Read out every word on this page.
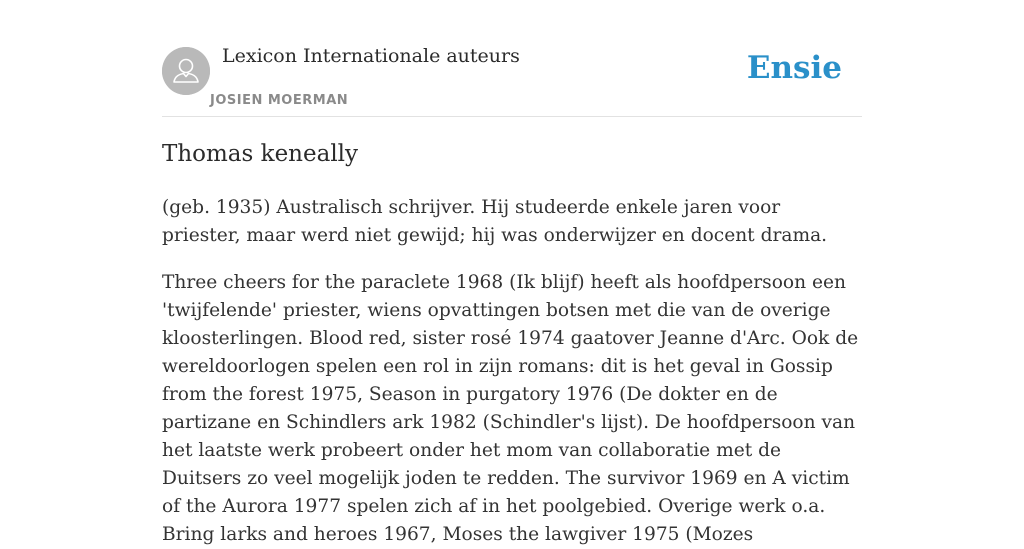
Lexicon Internationale auteurs
JOSIEN MOERMAN
Ensie
Thomas keneally

(geb. 1935) Australisch schrijver. Hij studeerde enkele jaren voor priester, maar werd niet gewijd; hij was onderwijzer en docent drama.

Three cheers for the paraclete 1968 (Ik blijf) heeft als hoofdpersoon een 'twijfelende' priester, wiens opvattingen botsen met die van de overige kloosterlingen. Blood red, sister rosé 1974 gaatover Jeanne d'Arc. Ook de wereldoorlogen spelen een rol in zijn romans: dit is het geval in Gossip from the forest 1975, Season in purgatory 1976 (De dokter en de partizane en Schindlers ark 1982 (Schindler's lijst). De hoofdpersoon van het laatste werk probeert onder het mom van collaboratie met de Duitsers zo veel mogelijk joden te redden. The survivor 1969 en A victim of the Aurora 1977 spelen zich af in het poolgebied. Overige werk o.a. Bring larks and heroes 1967, Moses the lawgiver 1975 (Mozes
